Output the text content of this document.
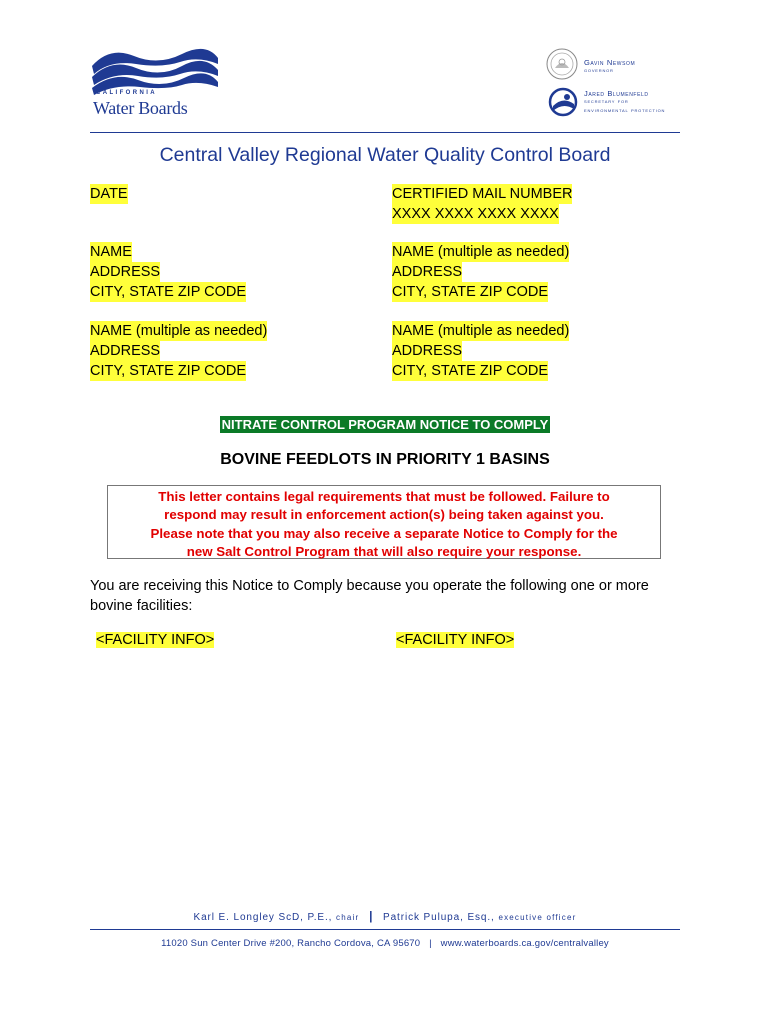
CALIFORNIA
Water Boards
Gavin Newsom
governor
Jared Blumenfeld
secretary for
environmental protection
Central Valley Regional Water Quality Control Board
DATE
NAME
ADDRESS
CITY, STATE ZIP CODE
NAME (multiple as needed)
ADDRESS
CITY, STATE ZIP CODE
CERTIFIED MAIL NUMBER
XXXX XXXX XXXX XXXX
NAME (multiple as needed)
ADDRESS
CITY, STATE ZIP CODE
NAME (multiple as needed)
ADDRESS
CITY, STATE ZIP CODE
NITRATE CONTROL PROGRAM NOTICE TO COMPLY
BOVINE FEEDLOTS IN PRIORITY 1 BASINS
This letter contains legal requirements that must be followed. Failure to
respond may result in enforcement action(s) being taken against you.
Please note that you may also receive a separate Notice to Comply for the
new Salt Control Program that will also require your response.
You are receiving this Notice to Comply because you operate the following one or more
bovine facilities:
<FACILITY INFO>	<FACILITY INFO>
Karl E. Longley ScD, P.E., chair | Patrick Pulupa, Esq., executive officer
11020 Sun Center Drive #200, Rancho Cordova, CA 95670 | www.waterboards.ca.gov/centralvalley
